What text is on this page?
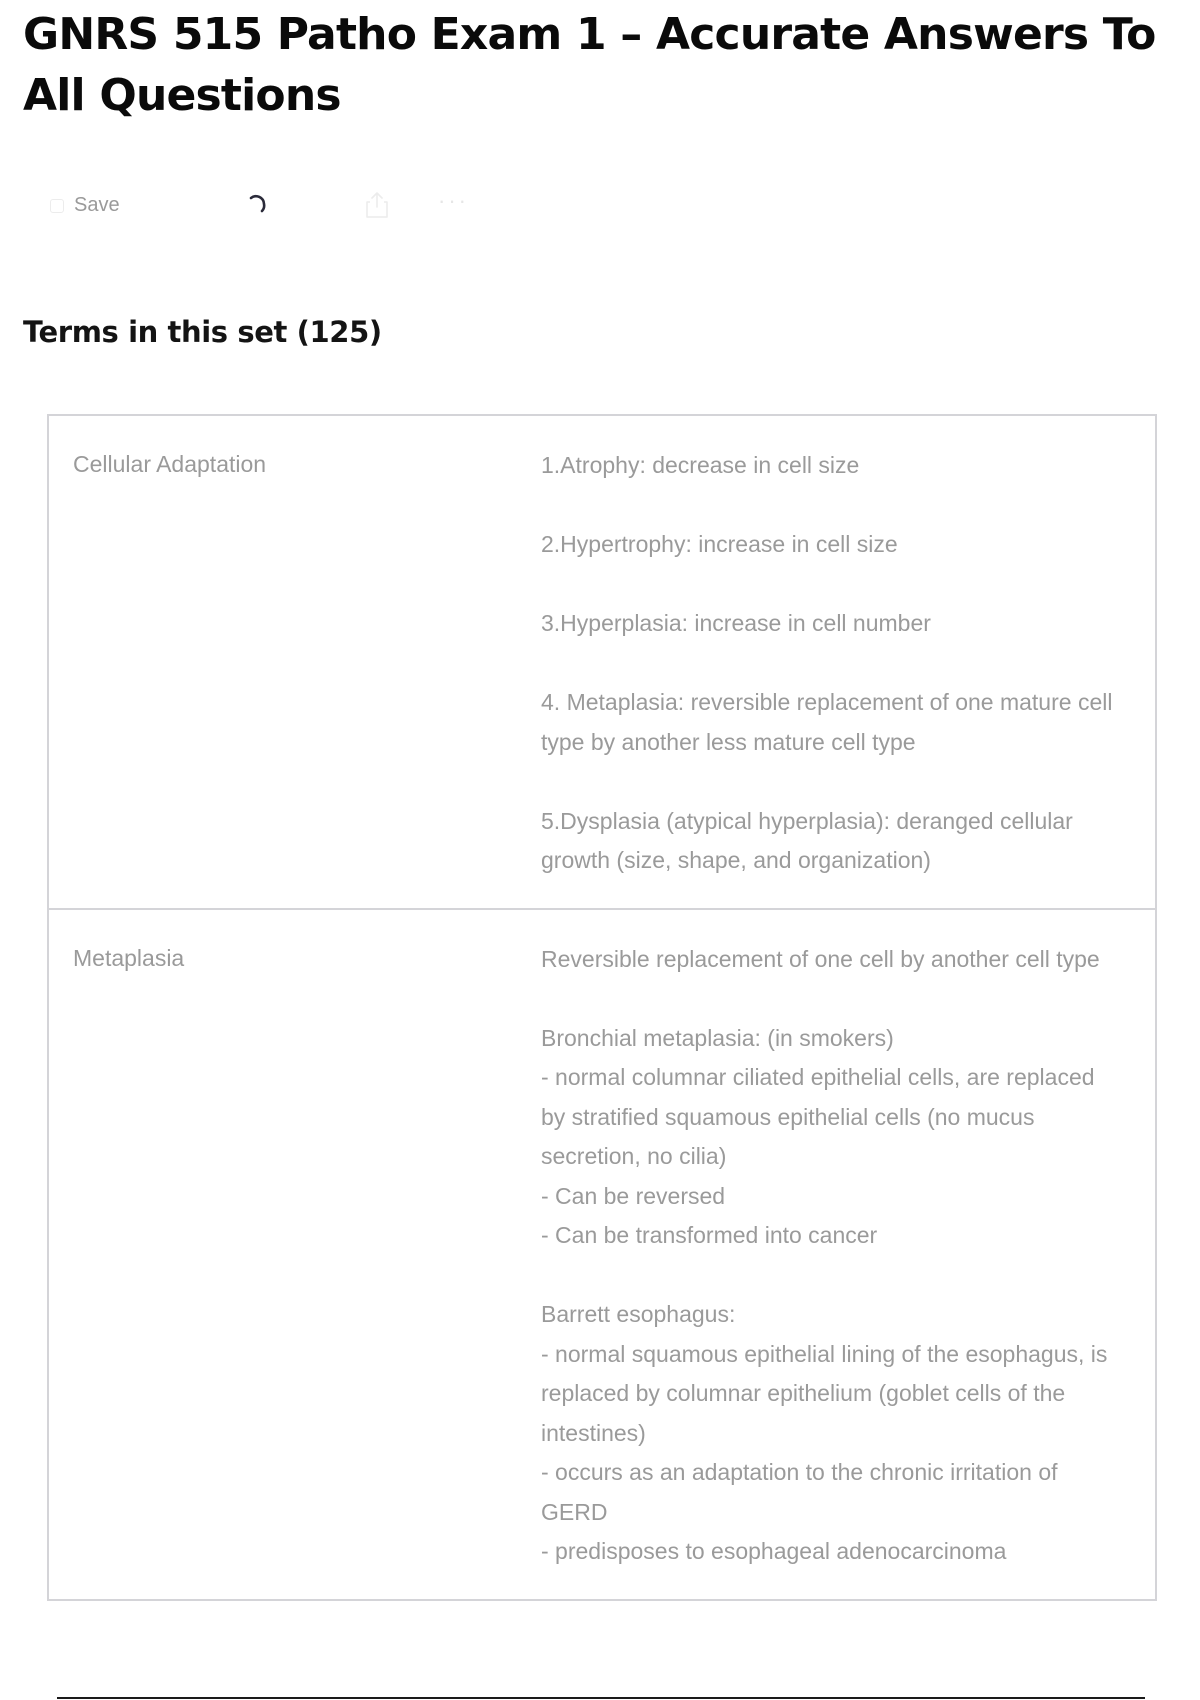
GNRS 515 Patho Exam 1 – Accurate Answers To All Questions
Save	···
Terms in this set (125)
Cellular Adaptation	1.Atrophy: decrease in cell size

2.Hypertrophy: increase in cell size

3.Hyperplasia: increase in cell number

4. Metaplasia: reversible replacement of one mature cell type by another less mature cell type

5.Dysplasia (atypical hyperplasia): deranged cellular growth (size, shape, and organization)
Metaplasia	Reversible replacement of one cell by another cell type

Bronchial metaplasia: (in smokers)
- normal columnar ciliated epithelial cells, are replaced by stratified squamous epithelial cells (no mucus secretion, no cilia)
- Can be reversed
- Can be transformed into cancer

Barrett esophagus:
- normal squamous epithelial lining of the esophagus, is replaced by columnar epithelium (goblet cells of the intestines)
- occurs as an adaptation to the chronic irritation of GERD
- predisposes to esophageal adenocarcinoma
